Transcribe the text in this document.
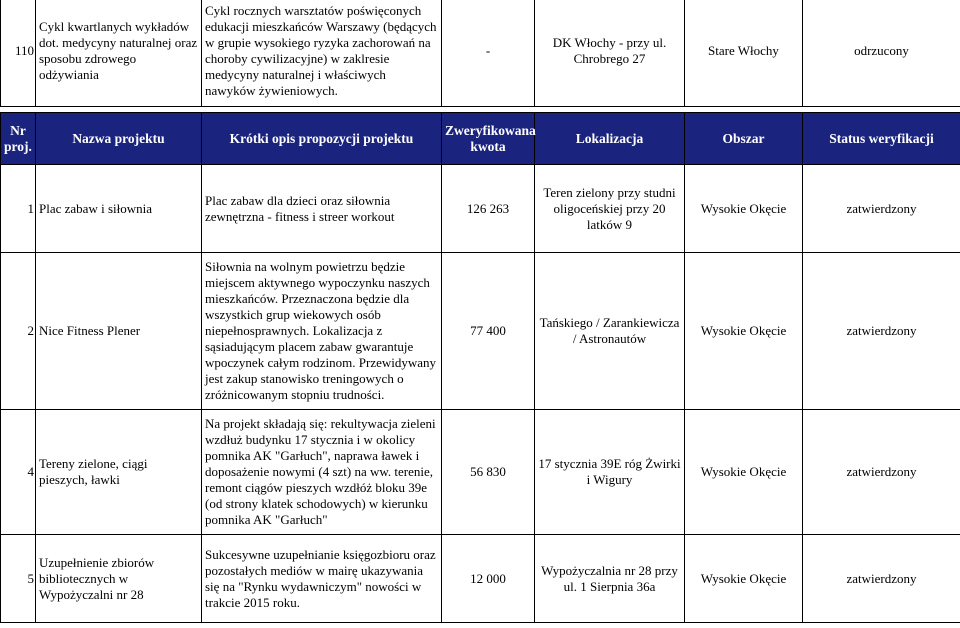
110	Cykl kwartlanych wykładów dot. medycyny naturalnej oraz sposobu zdrowego odżywiania	Cykl rocznych warsztatów poświęconych edukacji mieszkańców Warszawy (będących w grupie wysokiego ryzyka zachorowań na choroby cywilizacyjne) w zaklresie medycyny naturalnej i właściwych nawyków żywieniowych.	-	DK Włochy - przy ul. Chrobrego 27	Stare Włochy	odrzucony
Nr proj.	Nazwa projektu	Krótki opis propozycji projektu	Zweryfikowana kwota	Lokalizacja	Obszar	Status weryfikacji
1	Plac zabaw i siłownia	Plac zabaw dla dzieci oraz siłownia zewnętrzna - fitness i streer workout	126 263	Teren zielony przy studni oligoceńskiej przy 20 latków 9	Wysokie Okęcie	zatwierdzony
2	Nice Fitness Plener	Siłownia na wolnym powietrzu będzie miejscem aktywnego wypoczynku naszych mieszkańców. Przeznaczona będzie dla wszystkich grup wiekowych osób niepełnosprawnych. Lokalizacja z sąsiadującym placem zabaw gwarantuje wpoczynek całym rodzinom. Przewidywany jest zakup stanowisko treningowych o zróżnicowanym stopniu trudności.	77 400	Tańskiego / Zarankiewicza / Astronautów	Wysokie Okęcie	zatwierdzony
4	Tereny zielone, ciągi pieszych, ławki	Na projekt składają się: rekultywacja zieleni wzdłuż budynku 17 stycznia i w okolicy pomnika AK "Garłuch", naprawa ławek i doposażenie nowymi (4 szt) na ww. terenie, remont ciągów pieszych wzdłóż bloku 39e (od strony klatek schodowych) w kierunku pomnika AK "Garłuch"	56 830	17 stycznia 39E róg Żwirki i Wigury	Wysokie Okęcie	zatwierdzony
5	Uzupełnienie zbiorów bibliotecznych w Wypożyczalni nr 28	Sukcesywne uzupełnianie księgozbioru oraz pozostałych mediów w mairę ukazywania się na "Rynku wydawniczym" nowości w trakcie 2015 roku.	12 000	Wypożyczalnia nr 28 przy ul. 1 Sierpnia 36a	Wysokie Okęcie	zatwierdzony
